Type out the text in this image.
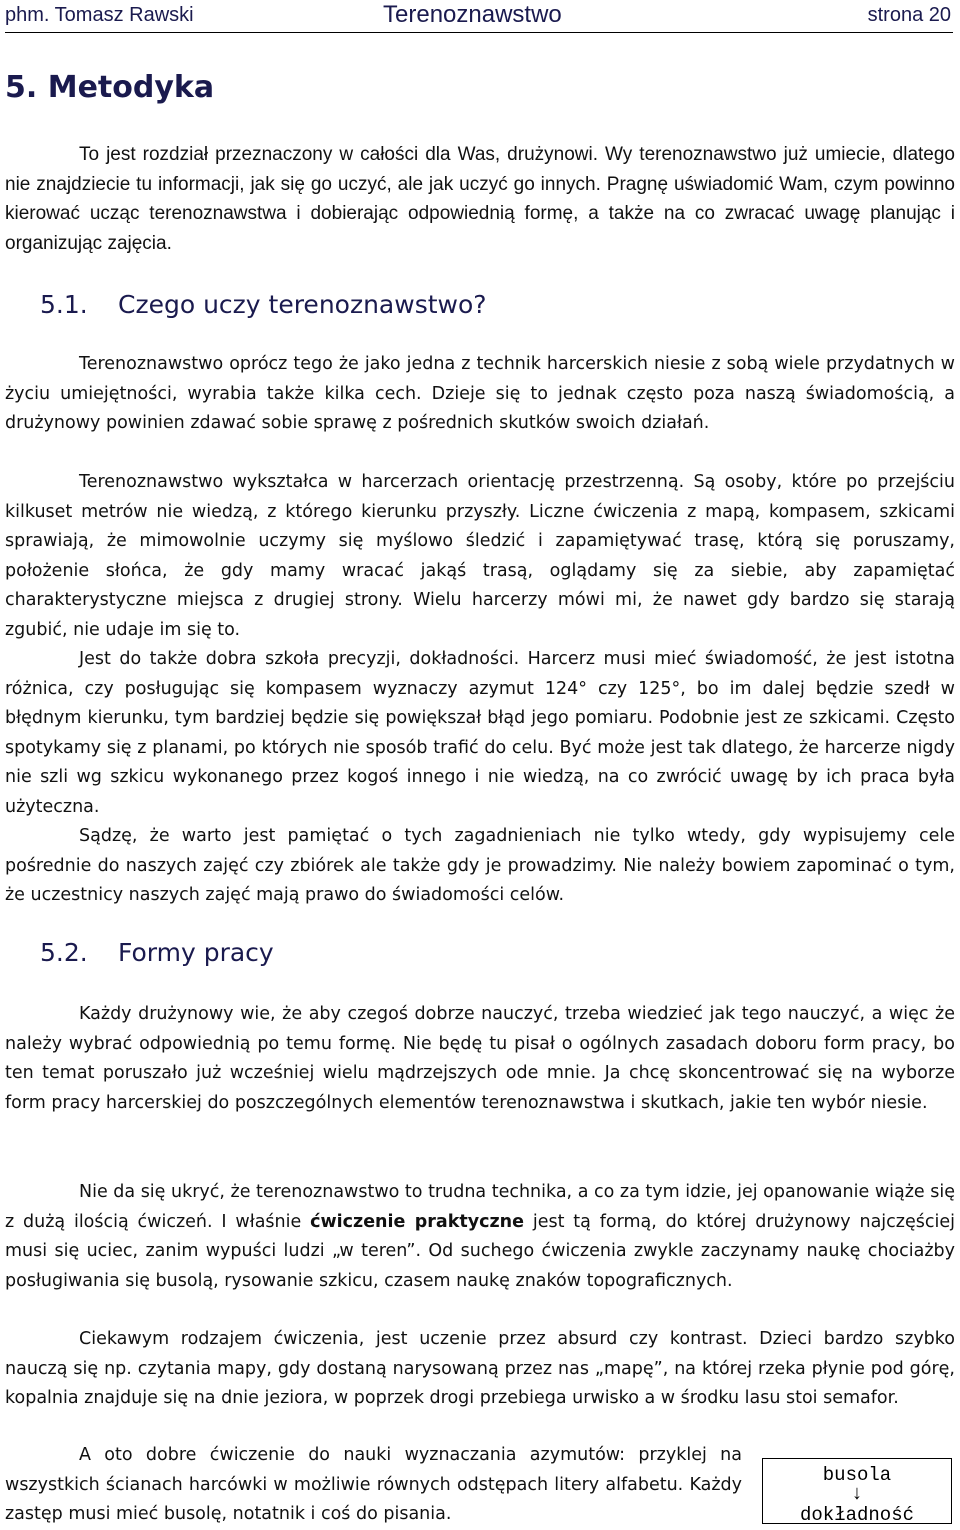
phm. Tomasz Rawski	Terenoznawstwo	strona 20
5. Metodyka

To jest rozdział przeznaczony w całości dla Was, drużynowi. Wy terenoznawstwo już umiecie, dlatego nie znajdziecie tu informacji, jak się go uczyć, ale jak uczyć go innych. Pragnę uświadomić Wam, czym powinno kierować ucząc terenoznawstwa i dobierając odpowiednią formę, a także na co zwracać uwagę planując i organizując zajęcia.

5.1. Czego uczy terenoznawstwo?

Terenoznawstwo oprócz tego że jako jedna z technik harcerskich niesie z sobą wiele przydatnych w życiu umiejętności, wyrabia także kilka cech. Dzieje się to jednak często poza naszą świadomością, a drużynowy powinien zdawać sobie sprawę z pośrednich skutków swoich działań.

Terenoznawstwo wykształca w harcerzach orientację przestrzenną. Są osoby, które po przejściu kilkuset metrów nie wiedzą, z którego kierunku przyszły. Liczne ćwiczenia z mapą, kompasem, szkicami sprawiają, że mimowolnie uczymy się myślowo śledzić i zapamiętywać trasę, którą się poruszamy, położenie słońca, że gdy mamy wracać jakąś trasą, oglądamy się za siebie, aby zapamiętać charakterystyczne miejsca z drugiej strony. Wielu harcerzy mówi mi, że nawet gdy bardzo się starają zgubić, nie udaje im się to.

Jest do także dobra szkoła precyzji, dokładności. Harcerz musi mieć świadomość, że jest istotna różnica, czy posługując się kompasem wyznaczy azymut 124° czy 125°, bo im dalej będzie szedł w błędnym kierunku, tym bardziej będzie się powiększał błąd jego pomiaru. Podobnie jest ze szkicami. Często spotykamy się z planami, po których nie sposób trafić do celu. Być może jest tak dlatego, że harcerze nigdy nie szli wg szkicu wykonanego przez kogoś innego i nie wiedzą, na co zwrócić uwagę by ich praca była użyteczna.

Sądzę, że warto jest pamiętać o tych zagadnieniach nie tylko wtedy, gdy wypisujemy cele pośrednie do naszych zajęć czy zbiórek ale także gdy je prowadzimy. Nie należy bowiem zapominać o tym, że uczestnicy naszych zajęć mają prawo do świadomości celów.

5.2. Formy pracy

Każdy drużynowy wie, że aby czegoś dobrze nauczyć, trzeba wiedzieć jak tego nauczyć, a więc że należy wybrać odpowiednią po temu formę. Nie będę tu pisał o ogólnych zasadach doboru form pracy, bo ten temat poruszało już wcześniej wielu mądrzejszych ode mnie. Ja chcę skoncentrować się na wyborze form pracy harcerskiej do poszczególnych elementów terenoznawstwa i skutkach, jakie ten wybór niesie.

Nie da się ukryć, że terenoznawstwo to trudna technika, a co za tym idzie, jej opanowanie wiąże się z dużą ilością ćwiczeń. I właśnie ćwiczenie praktyczne jest tą formą, do której drużynowy najczęściej musi się uciec, zanim wypuści ludzi „w teren”. Od suchego ćwiczenia zwykle zaczynamy naukę chociażby posługiwania się busolą, rysowanie szkicu, czasem naukę znaków topograficznych.

Ciekawym rodzajem ćwiczenia, jest uczenie przez absurd czy kontrast. Dzieci bardzo szybko nauczą się np. czytania mapy, gdy dostaną narysowaną przez nas „mapę”, na której rzeka płynie pod górę, kopalnia znajduje się na dnie jeziora, w poprzek drogi przebiega urwisko a w środku lasu stoi semafor.

A oto dobre ćwiczenie do nauki wyznaczania azymutów: przyklej na wszystkich ścianach harcówki w możliwie równych odstępach litery alfabetu. Każdy zastęp musi mieć busolę, notatnik i coś do pisania.

busola
↓
dokładność
